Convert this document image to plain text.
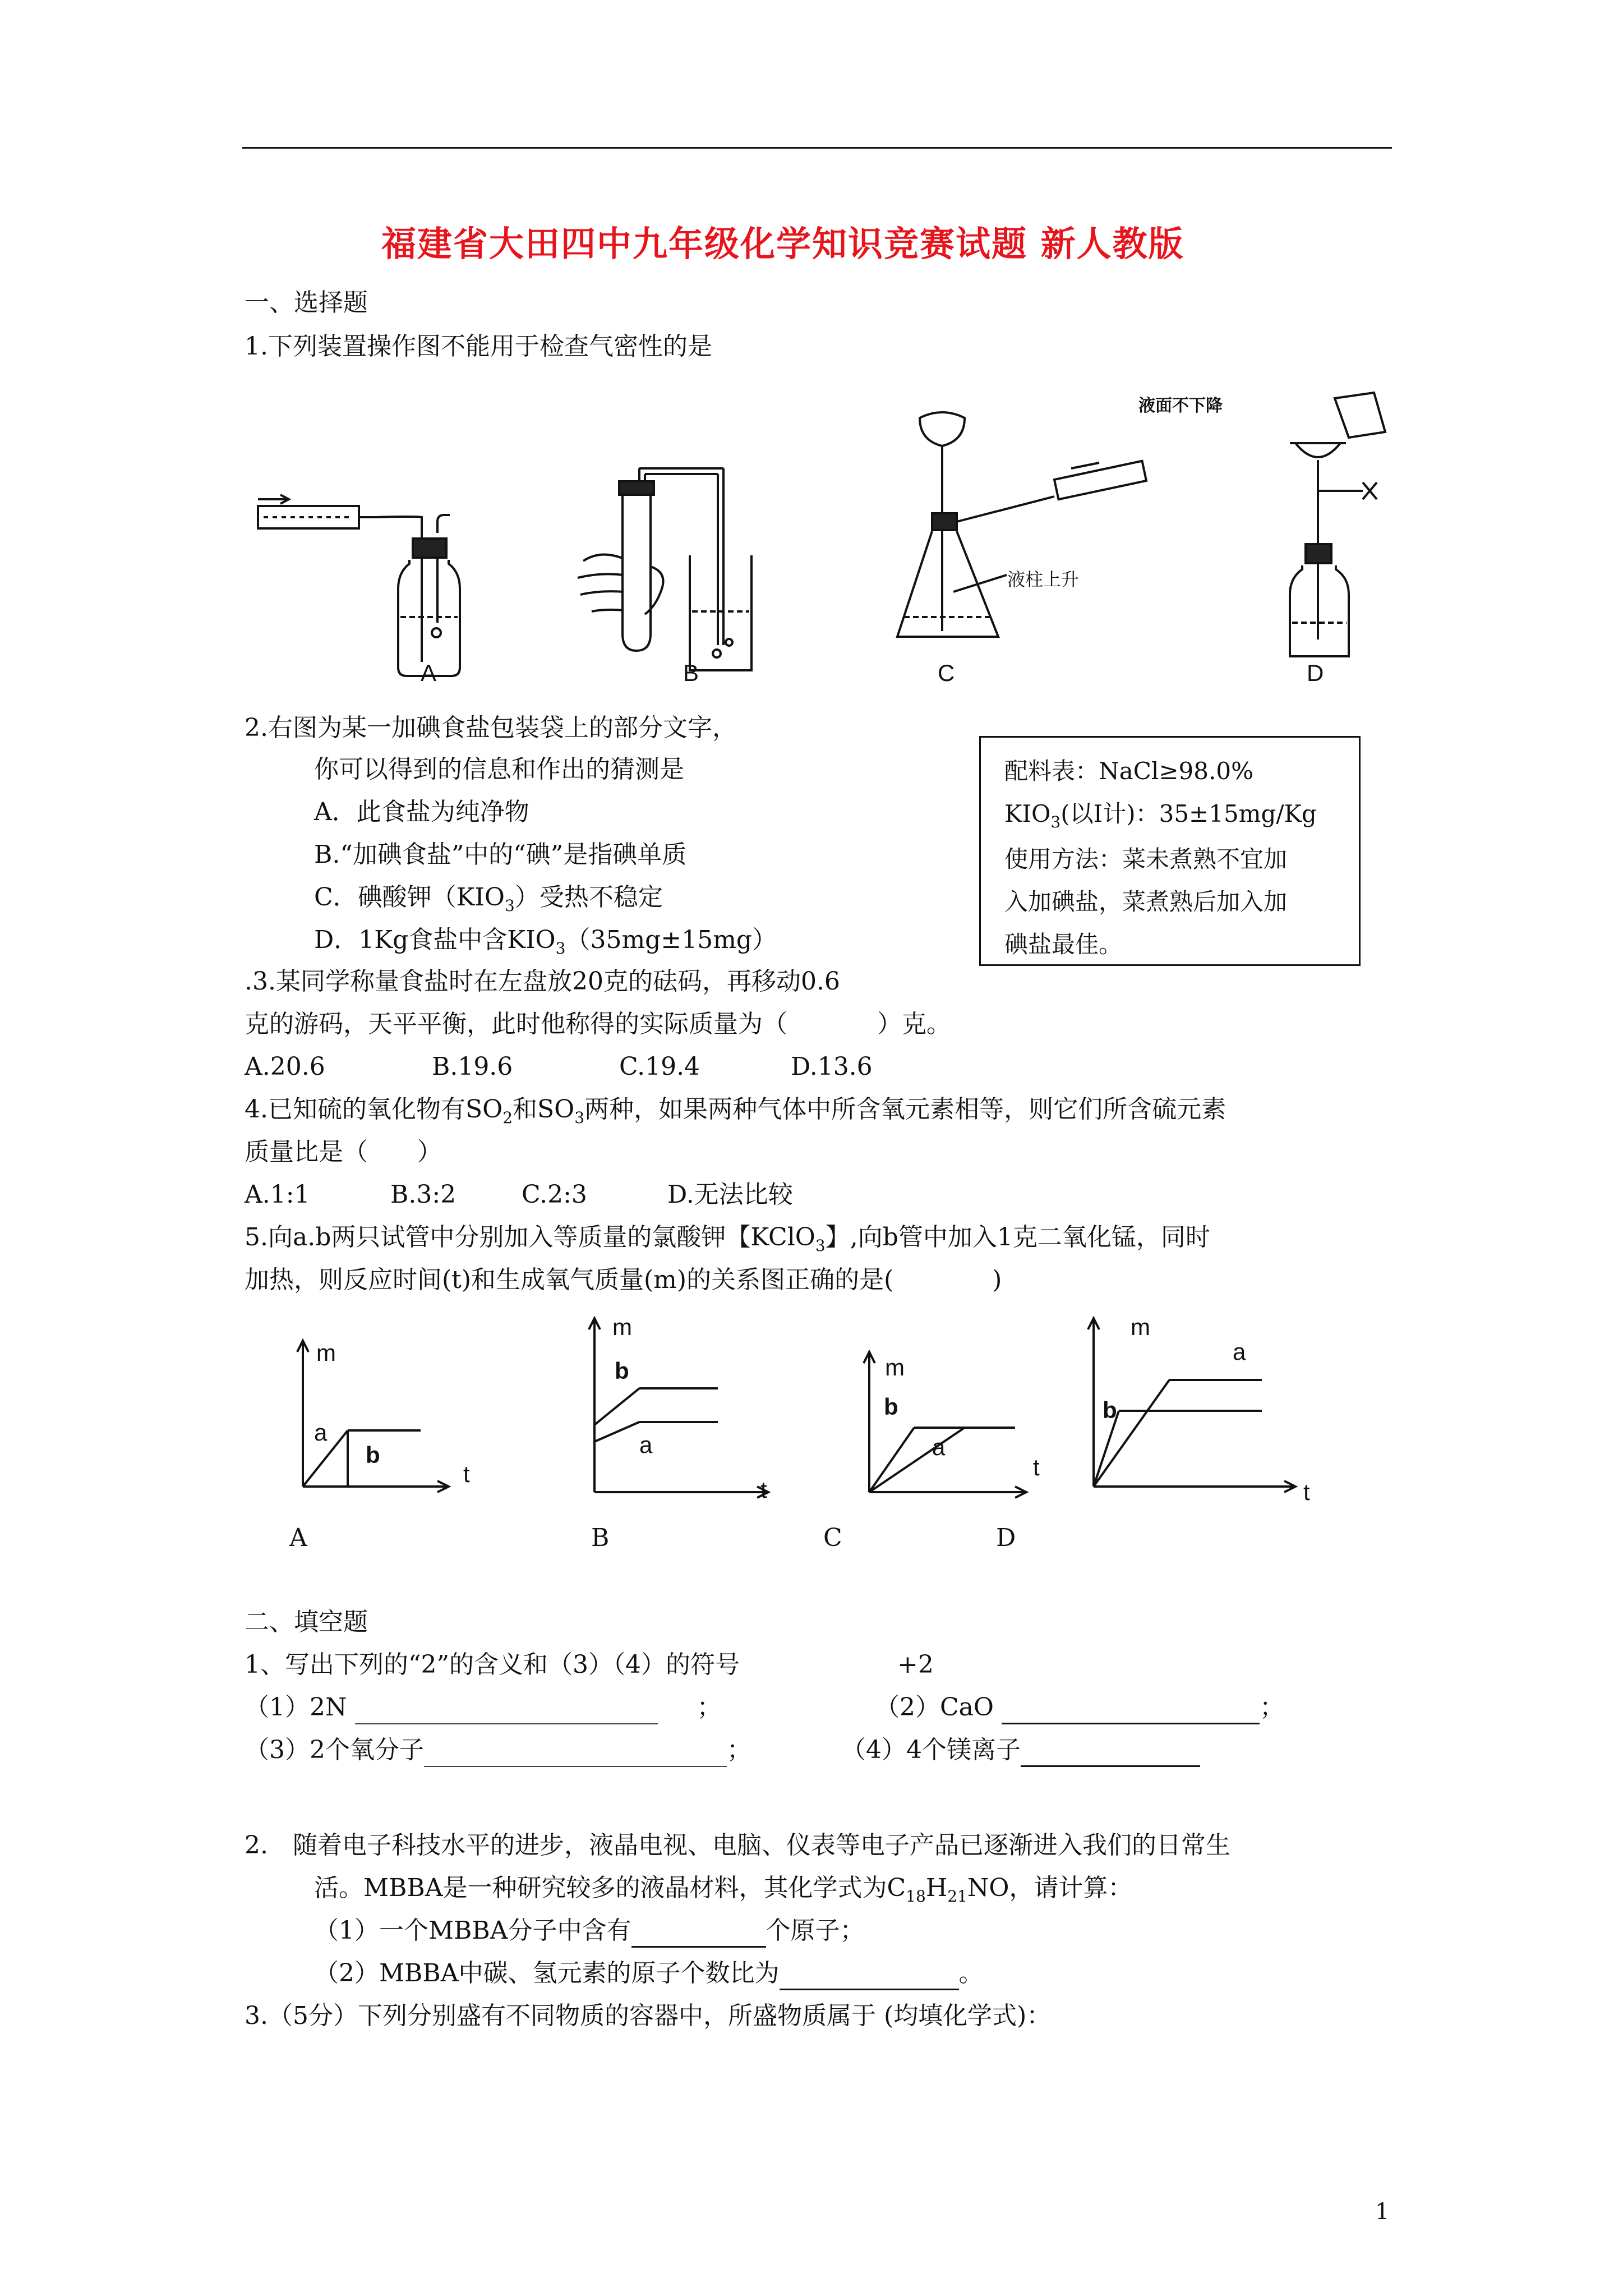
福建省大田四中九年级化学知识竞赛试题 新人教版
一、选择题
1.下列装置操作图不能用于检查气密性的是
A	B
液柱上升
C
液面不下降
D
2.右图为某一加碘食盐包装袋上的部分文字，
你可以得到的信息和作出的猜测是
A．此食盐为纯净物
B.“加碘食盐”中的“碘”是指碘单质
C．碘酸钾$(KIO_3)$受热不稳定
D．1Kg食盐中含$KIO_3(35mg\pm 15mg)$
配料表：NaCl≥98.0%
$KIO_3$(以I计)：35±15mg/Kg
使用方法：菜未煮熟不宜加
入加碘盐，菜煮熟后加入加
碘盐最佳。
.3.某同学称量食盐时在左盘放20克的砝码，再移动0.6
克的游码，天平平衡，此时他称得的实际质量为（	）克。
A.20.6	B.19.6	C.19.4	D.13.6
4.已知硫的氧化物有$SO_2$和$SO_3$两种，如果两种气体中所含氧元素相等，则它们所含硫元素
质量比是（　　）
A.1:1	B.3:2	C.2:3	D.无法比较
5.向a.b两只试管中分别加入等质量的氯酸钾【KClO$_3$】,向b管中加入1克二氧化锰，同时
加热，则反应时间(t)和生成氧气质量(m)的关系图正确的是(　　　　)
m
t
a
b
A
m
t
b
a
B
m
t
b
a
C
m
t
b
a
D
二、填空题
1、写出下列的“2”的含义和（3）（4）的符号	+2
（1）2N	；	（2）CaO	；
（3）2个氧分子	；	（4）4个镁离子
2.　随着电子科技水平的进步，液晶电视、电脑、仪表等电子产品已逐渐进入我们的日常生
活。MBBA是一种研究较多的液晶材料，其化学式为$C_{18}H_{21}NO$，请计算：
（1）一个MBBA分子中含有	个原子；
（2）MBBA中碳、氢元素的原子个数比为	。
3.（5分）下列分别盛有不同物质的容器中，所盛物质属于 (均填化学式)：
1
